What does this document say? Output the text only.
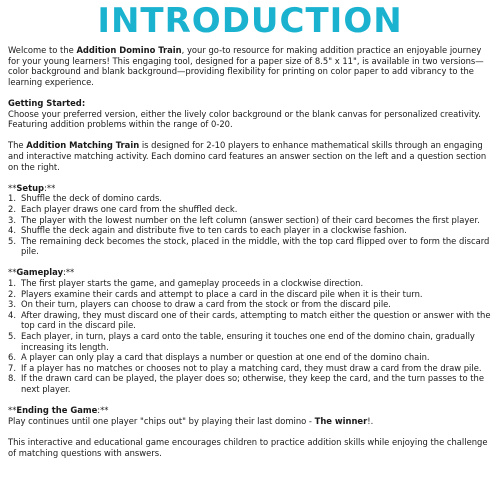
INTRODUCTION

Welcome to the Addition Domino Train, your go-to resource for making addition practice an enjoyable journey for your young learners! This engaging tool, designed for a paper size of 8.5" x 11", is available in two versions—color background and blank background—providing flexibility for printing on color paper to add vibrancy to the learning experience.

Getting Started:
Choose your preferred version, either the lively color background or the blank canvas for personalized creativity. Featuring addition problems within the range of 0-20.

The Addition Matching Train is designed for 2-10 players to enhance mathematical skills through an engaging and interactive matching activity. Each domino card features an answer section on the left and a question section on the right.

**Setup:**
1. Shuffle the deck of domino cards.
2. Each player draws one card from the shuffled deck.
3. The player with the lowest number on the left column (answer section) of their card becomes the first player.
4. Shuffle the deck again and distribute five to ten cards to each player in a clockwise fashion.
5. The remaining deck becomes the stock, placed in the middle, with the top card flipped over to form the discard pile.
**Gameplay:**
1. The first player starts the game, and gameplay proceeds in a clockwise direction.
2. Players examine their cards and attempt to place a card in the discard pile when it is their turn.
3. On their turn, players can choose to draw a card from the stock or from the discard pile.
4. After drawing, they must discard one of their cards, attempting to match either the question or answer with the top card in the discard pile.
5. Each player, in turn, plays a card onto the table, ensuring it touches one end of the domino chain, gradually increasing its length.
6. A player can only play a card that displays a number or question at one end of the domino chain.
7. If a player has no matches or chooses not to play a matching card, they must draw a card from the draw pile.
8. If the drawn card can be played, the player does so; otherwise, they keep the card, and the turn passes to the next player.
**Ending the Game:**

Play continues until one player "chips out" by playing their last domino - The winner!.

This interactive and educational game encourages children to practice addition skills while enjoying the challenge of matching questions with answers.
